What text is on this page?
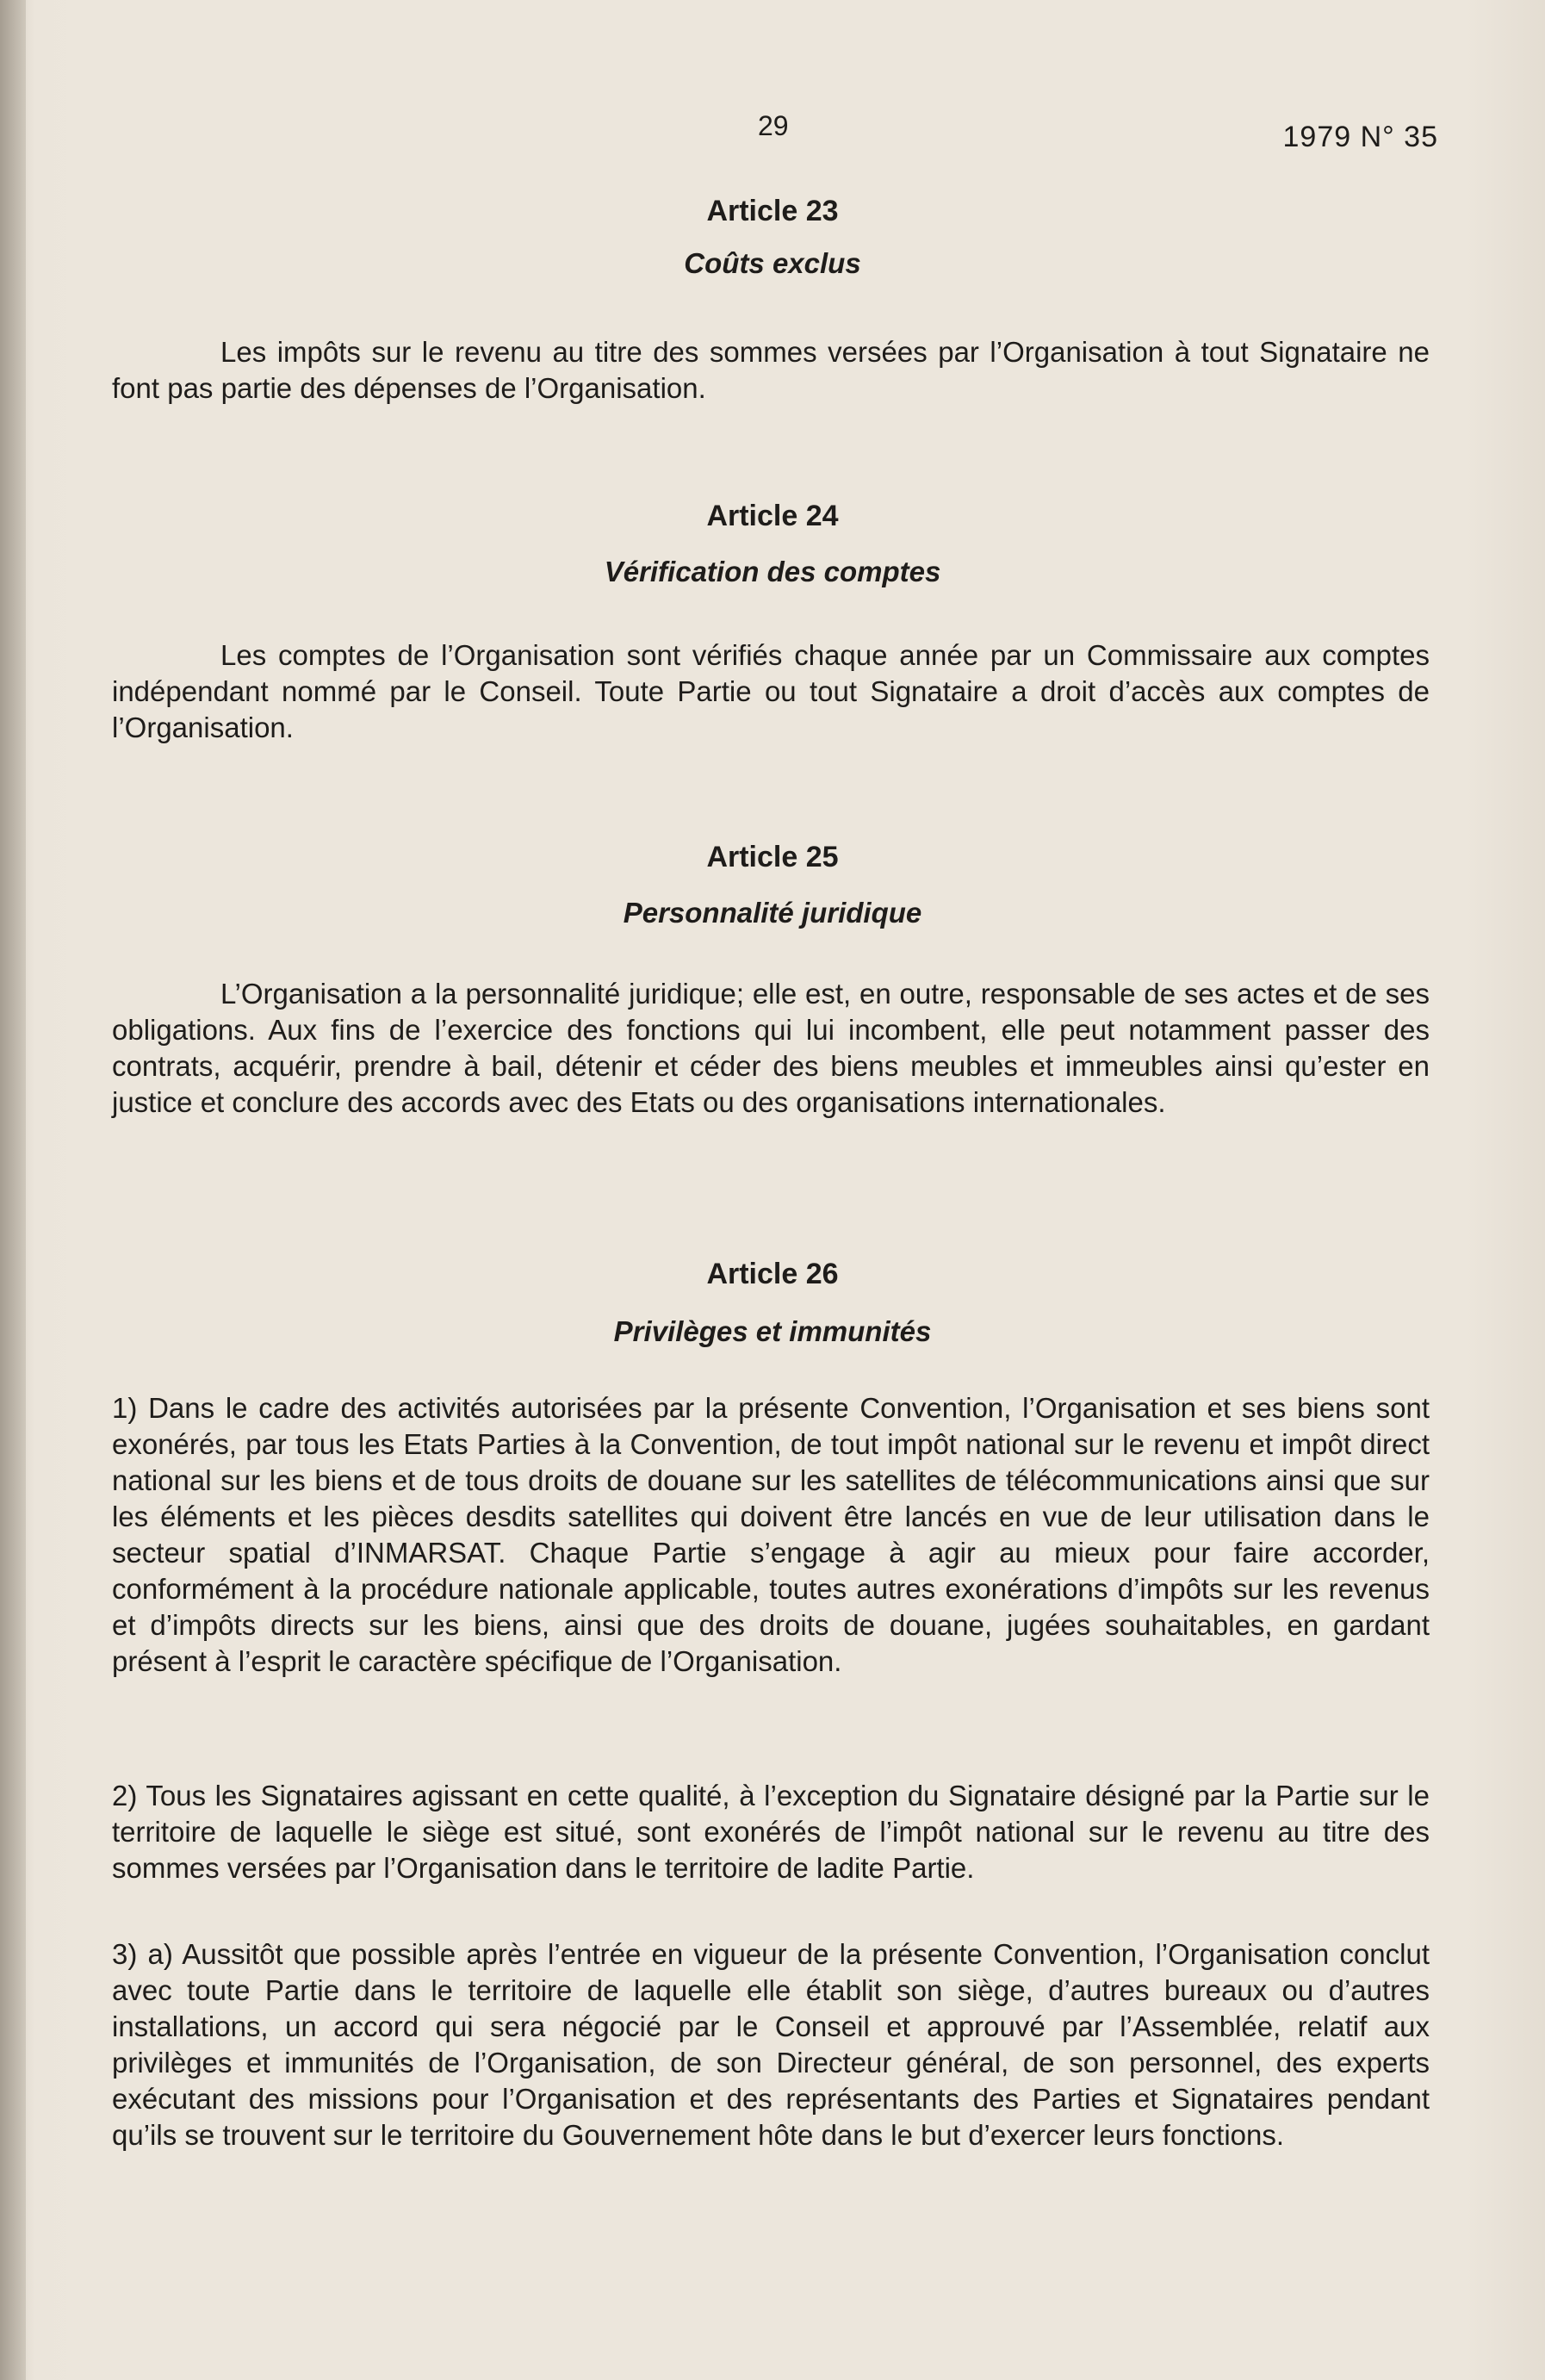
29	1979 N° 35

Article 23

Coûts exclus

Les impôts sur le revenu au titre des sommes versées par l’Organisation à tout Signataire ne font pas partie des dépenses de l’Organisation.

Article 24

Vérification des comptes

Les comptes de l’Organisation sont vérifiés chaque année par un Commissaire aux comptes indépendant nommé par le Conseil. Toute Partie ou tout Signataire a droit d’accès aux comptes de l’Organisation.

Article 25

Personnalité juridique

L’Organisation a la personnalité juridique; elle est, en outre, responsable de ses actes et de ses obligations. Aux fins de l’exercice des fonctions qui lui incombent, elle peut notamment passer des contrats, acquérir, prendre à bail, détenir et céder des biens meubles et immeubles ainsi qu’ester en justice et conclure des accords avec des Etats ou des organisations internationales.

Article 26

Privilèges et immunités

1) Dans le cadre des activités autorisées par la présente Convention, l’Organisation et ses biens sont exonérés, par tous les Etats Parties à la Convention, de tout impôt national sur le revenu et impôt direct national sur les biens et de tous droits de douane sur les satellites de télécommunications ainsi que sur les éléments et les pièces desdits satellites qui doivent être lancés en vue de leur utilisation dans le secteur spatial d’INMARSAT. Chaque Partie s’engage à agir au mieux pour faire accorder, conformément à la procédure nationale applicable, toutes autres exonérations d’impôts sur les revenus et d’impôts directs sur les biens, ainsi que des droits de douane, jugées souhaitables, en gardant présent à l’esprit le caractère spécifique de l’Organisation.

2) Tous les Signataires agissant en cette qualité, à l’exception du Signataire désigné par la Partie sur le territoire de laquelle le siège est situé, sont exonérés de l’impôt national sur le revenu au titre des sommes versées par l’Organisation dans le territoire de ladite Partie.

3) a) Aussitôt que possible après l’entrée en vigueur de la présente Convention, l’Organisation conclut avec toute Partie dans le territoire de laquelle elle établit son siège, d’autres bureaux ou d’autres installations, un accord qui sera négocié par le Conseil et approuvé par l’Assemblée, relatif aux privilèges et immunités de l’Organisation, de son Directeur général, de son personnel, des experts exécutant des missions pour l’Organisation et des représentants des Parties et Signataires pendant qu’ils se trouvent sur le territoire du Gouvernement hôte dans le but d’exercer leurs fonctions.
